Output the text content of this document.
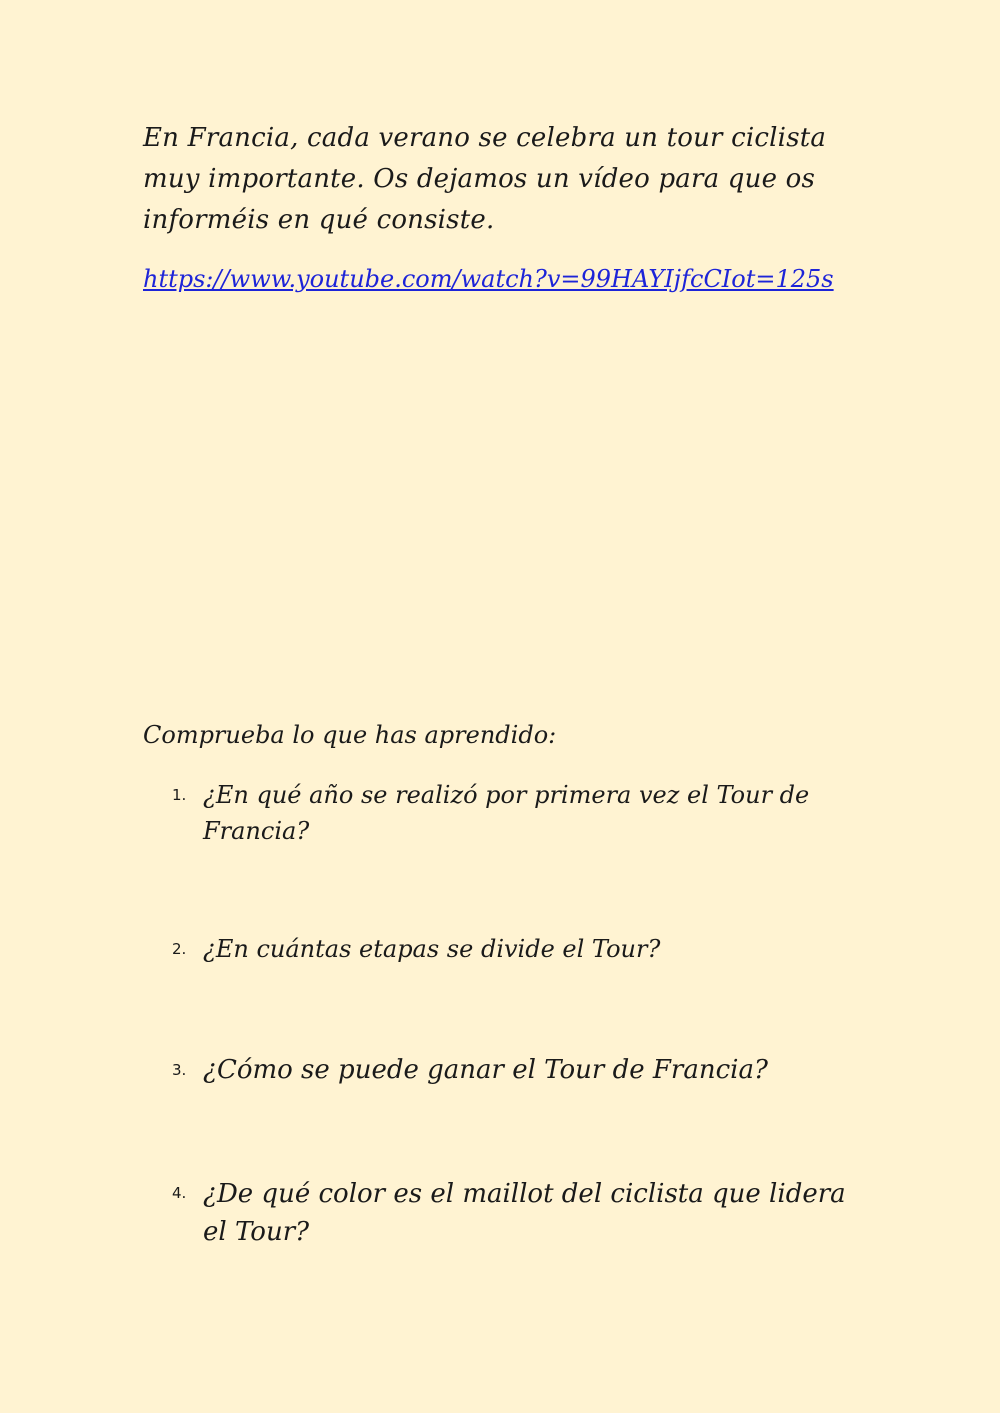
En Francia, cada verano se celebra un tour ciclista muy importante. Os dejamos un vídeo para que os informéis en qué consiste.

https://www.youtube.com/watch?v=99HAYIjfcCIot=125s
Comprueba lo que has aprendido:
1. ¿En qué año se realizó por primera vez el Tour de Francia?
2. ¿En cuántas etapas se divide el Tour?
3. ¿Cómo se puede ganar el Tour de Francia?
4. ¿De qué color es el maillot del ciclista que lidera el Tour?
